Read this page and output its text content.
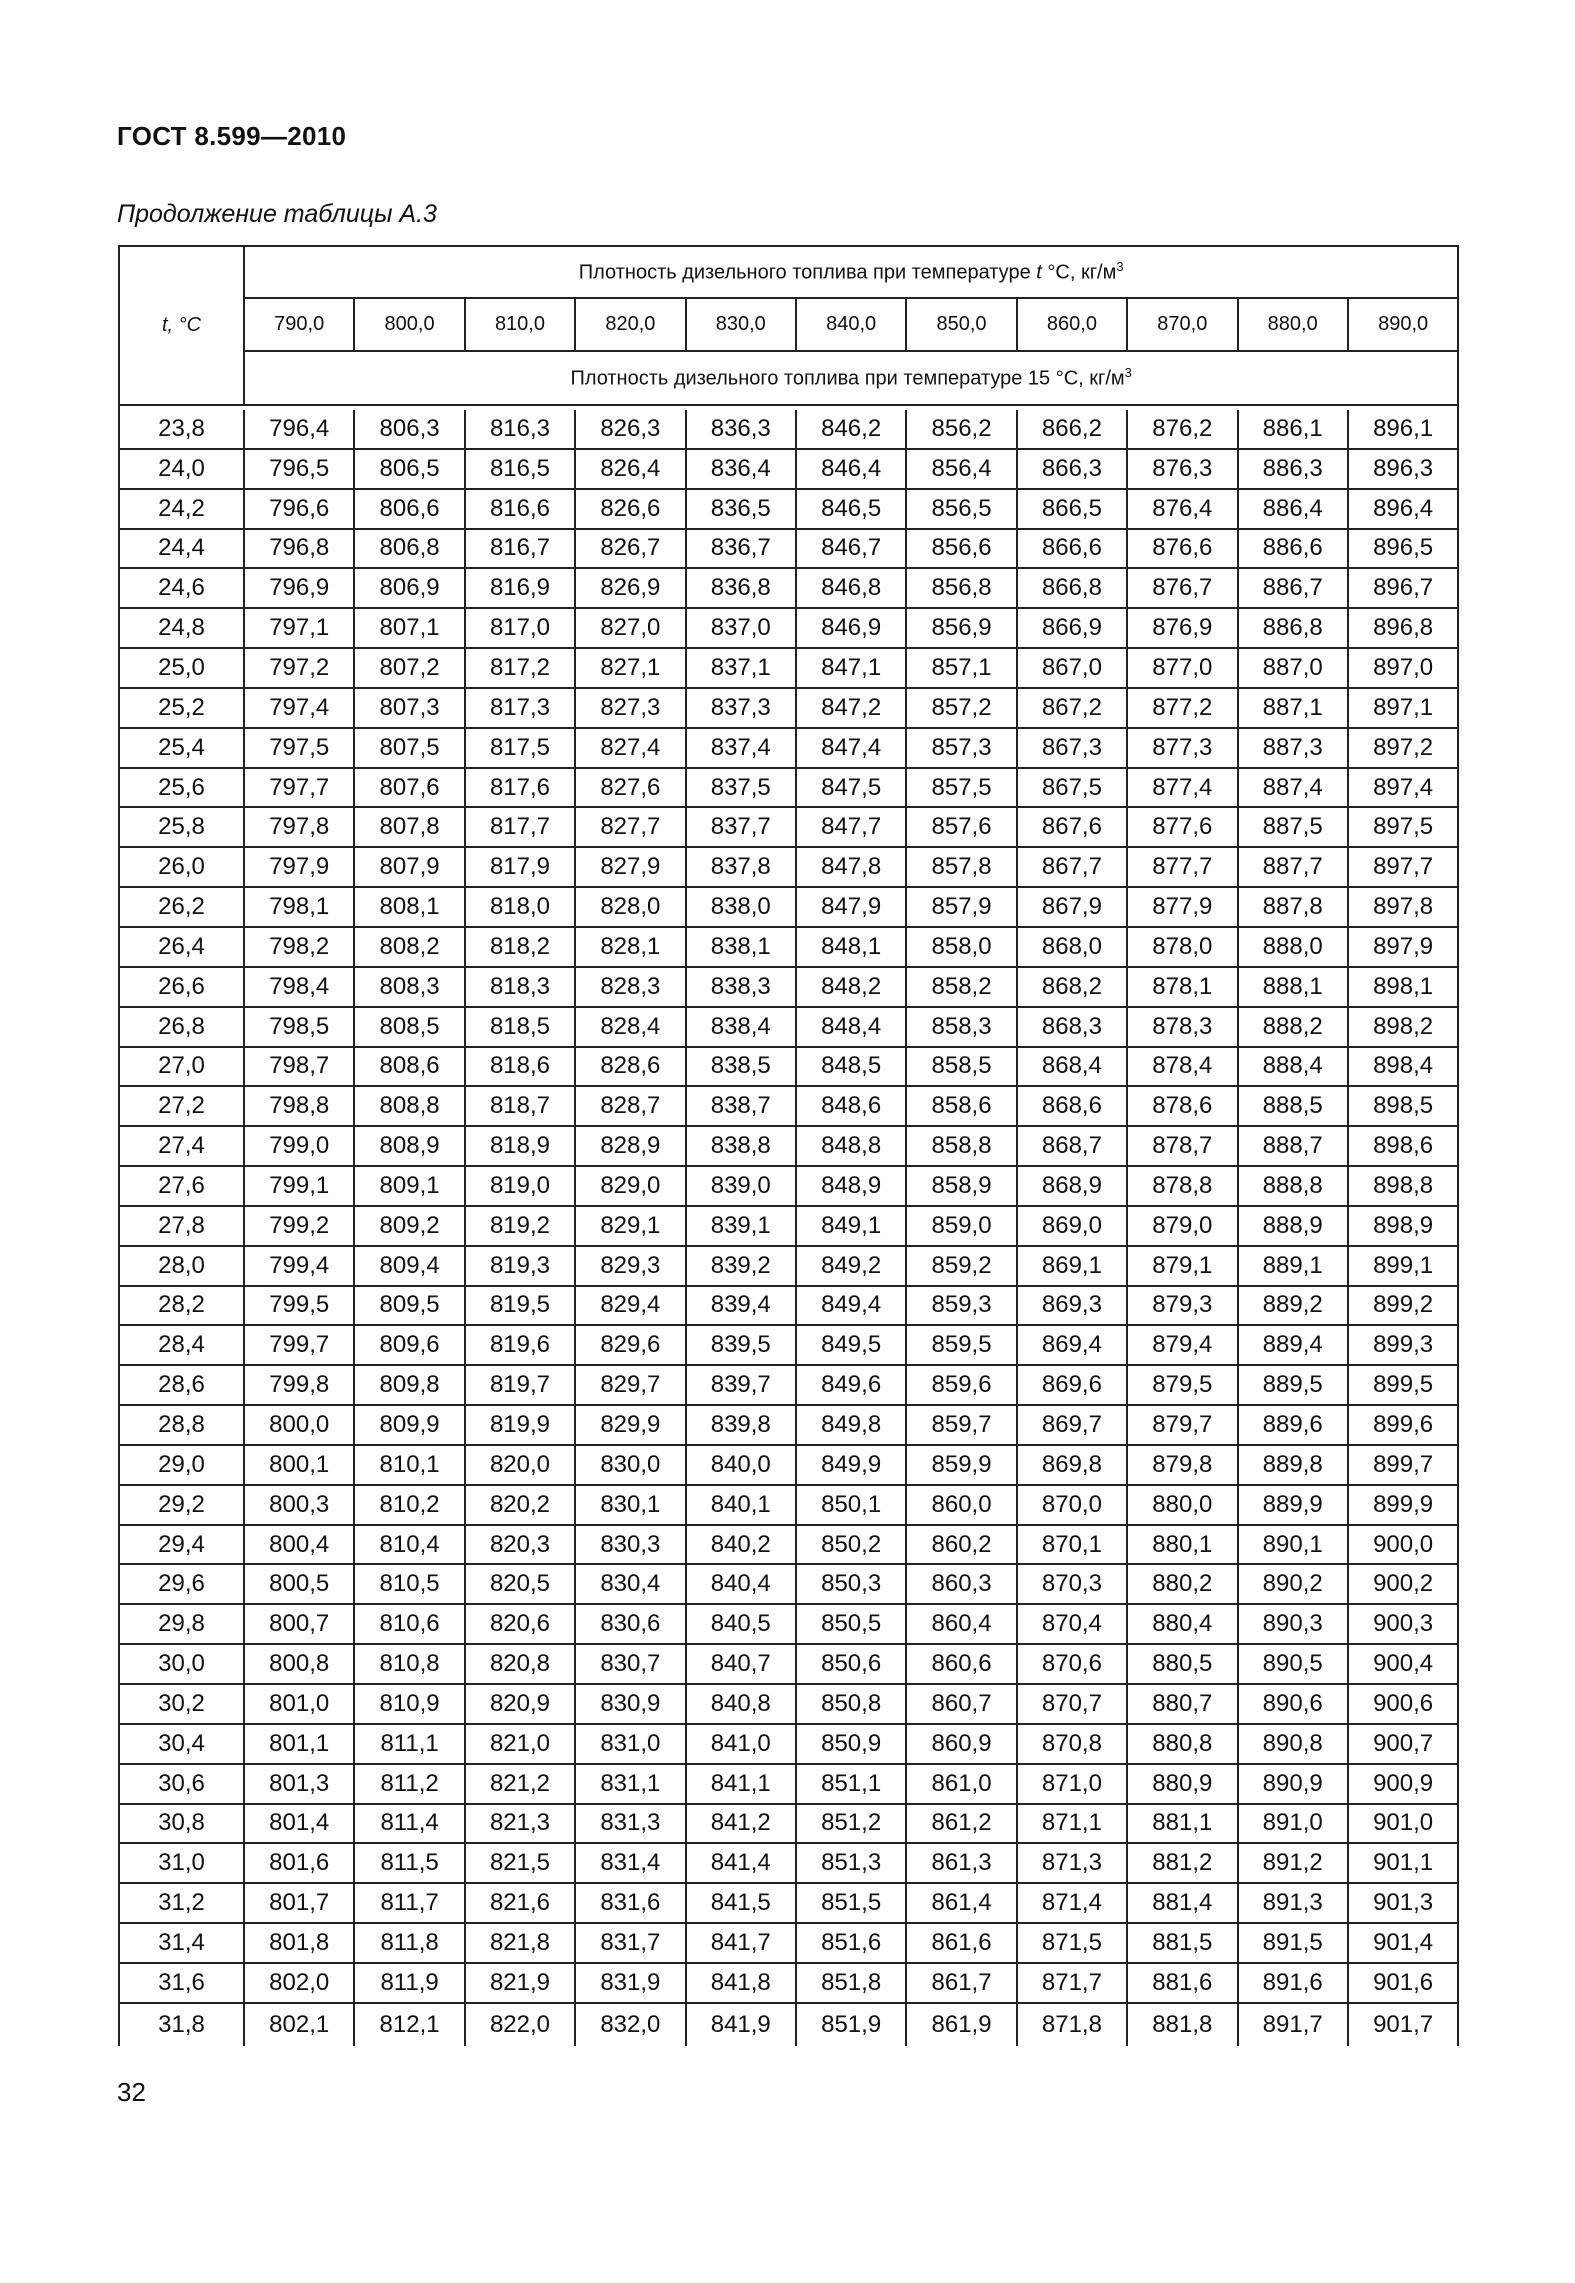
ГОСТ 8.599—2010
Продолжение таблицы А.3
t, °С	Плотность дизельного топлива при температуре t °С, $кг/м^3$
	790,0	800,0	810,0	820,0	830,0	840,0	850,0	860,0	870,0	880,0	890,0
	Плотность дизельного топлива при температуре 15 °С, $кг/м^3$

23,8	796,4	806,3	816,3	826,3	836,3	846,2	856,2	866,2	876,2	886,1	896,1
24,0	796,5	806,5	816,5	826,4	836,4	846,4	856,4	866,3	876,3	886,3	896,3
24,2	796,6	806,6	816,6	826,6	836,5	846,5	856,5	866,5	876,4	886,4	896,4
24,4	796,8	806,8	816,7	826,7	836,7	846,7	856,6	866,6	876,6	886,6	896,5
24,6	796,9	806,9	816,9	826,9	836,8	846,8	856,8	866,8	876,7	886,7	896,7
24,8	797,1	807,1	817,0	827,0	837,0	846,9	856,9	866,9	876,9	886,8	896,8
25,0	797,2	807,2	817,2	827,1	837,1	847,1	857,1	867,0	877,0	887,0	897,0
25,2	797,4	807,3	817,3	827,3	837,3	847,2	857,2	867,2	877,2	887,1	897,1
25,4	797,5	807,5	817,5	827,4	837,4	847,4	857,3	867,3	877,3	887,3	897,2
25,6	797,7	807,6	817,6	827,6	837,5	847,5	857,5	867,5	877,4	887,4	897,4
25,8	797,8	807,8	817,7	827,7	837,7	847,7	857,6	867,6	877,6	887,5	897,5
26,0	797,9	807,9	817,9	827,9	837,8	847,8	857,8	867,7	877,7	887,7	897,7
26,2	798,1	808,1	818,0	828,0	838,0	847,9	857,9	867,9	877,9	887,8	897,8
26,4	798,2	808,2	818,2	828,1	838,1	848,1	858,0	868,0	878,0	888,0	897,9
26,6	798,4	808,3	818,3	828,3	838,3	848,2	858,2	868,2	878,1	888,1	898,1
26,8	798,5	808,5	818,5	828,4	838,4	848,4	858,3	868,3	878,3	888,2	898,2
27,0	798,7	808,6	818,6	828,6	838,5	848,5	858,5	868,4	878,4	888,4	898,4
27,2	798,8	808,8	818,7	828,7	838,7	848,6	858,6	868,6	878,6	888,5	898,5
27,4	799,0	808,9	818,9	828,9	838,8	848,8	858,8	868,7	878,7	888,7	898,6
27,6	799,1	809,1	819,0	829,0	839,0	848,9	858,9	868,9	878,8	888,8	898,8
27,8	799,2	809,2	819,2	829,1	839,1	849,1	859,0	869,0	879,0	888,9	898,9
28,0	799,4	809,4	819,3	829,3	839,2	849,2	859,2	869,1	879,1	889,1	899,1
28,2	799,5	809,5	819,5	829,4	839,4	849,4	859,3	869,3	879,3	889,2	899,2
28,4	799,7	809,6	819,6	829,6	839,5	849,5	859,5	869,4	879,4	889,4	899,3
28,6	799,8	809,8	819,7	829,7	839,7	849,6	859,6	869,6	879,5	889,5	899,5
28,8	800,0	809,9	819,9	829,9	839,8	849,8	859,7	869,7	879,7	889,6	899,6
29,0	800,1	810,1	820,0	830,0	840,0	849,9	859,9	869,8	879,8	889,8	899,7
29,2	800,3	810,2	820,2	830,1	840,1	850,1	860,0	870,0	880,0	889,9	899,9
29,4	800,4	810,4	820,3	830,3	840,2	850,2	860,2	870,1	880,1	890,1	900,0
29,6	800,5	810,5	820,5	830,4	840,4	850,3	860,3	870,3	880,2	890,2	900,2
29,8	800,7	810,6	820,6	830,6	840,5	850,5	860,4	870,4	880,4	890,3	900,3
30,0	800,8	810,8	820,8	830,7	840,7	850,6	860,6	870,6	880,5	890,5	900,4
30,2	801,0	810,9	820,9	830,9	840,8	850,8	860,7	870,7	880,7	890,6	900,6
30,4	801,1	811,1	821,0	831,0	841,0	850,9	860,9	870,8	880,8	890,8	900,7
30,6	801,3	811,2	821,2	831,1	841,1	851,1	861,0	871,0	880,9	890,9	900,9
30,8	801,4	811,4	821,3	831,3	841,2	851,2	861,2	871,1	881,1	891,0	901,0
31,0	801,6	811,5	821,5	831,4	841,4	851,3	861,3	871,3	881,2	891,2	901,1
31,2	801,7	811,7	821,6	831,6	841,5	851,5	861,4	871,4	881,4	891,3	901,3
31,4	801,8	811,8	821,8	831,7	841,7	851,6	861,6	871,5	881,5	891,5	901,4
31,6	802,0	811,9	821,9	831,9	841,8	851,8	861,7	871,7	881,6	891,6	901,6
31,8	802,1	812,1	822,0	832,0	841,9	851,9	861,9	871,8	881,8	891,7	901,7
32
